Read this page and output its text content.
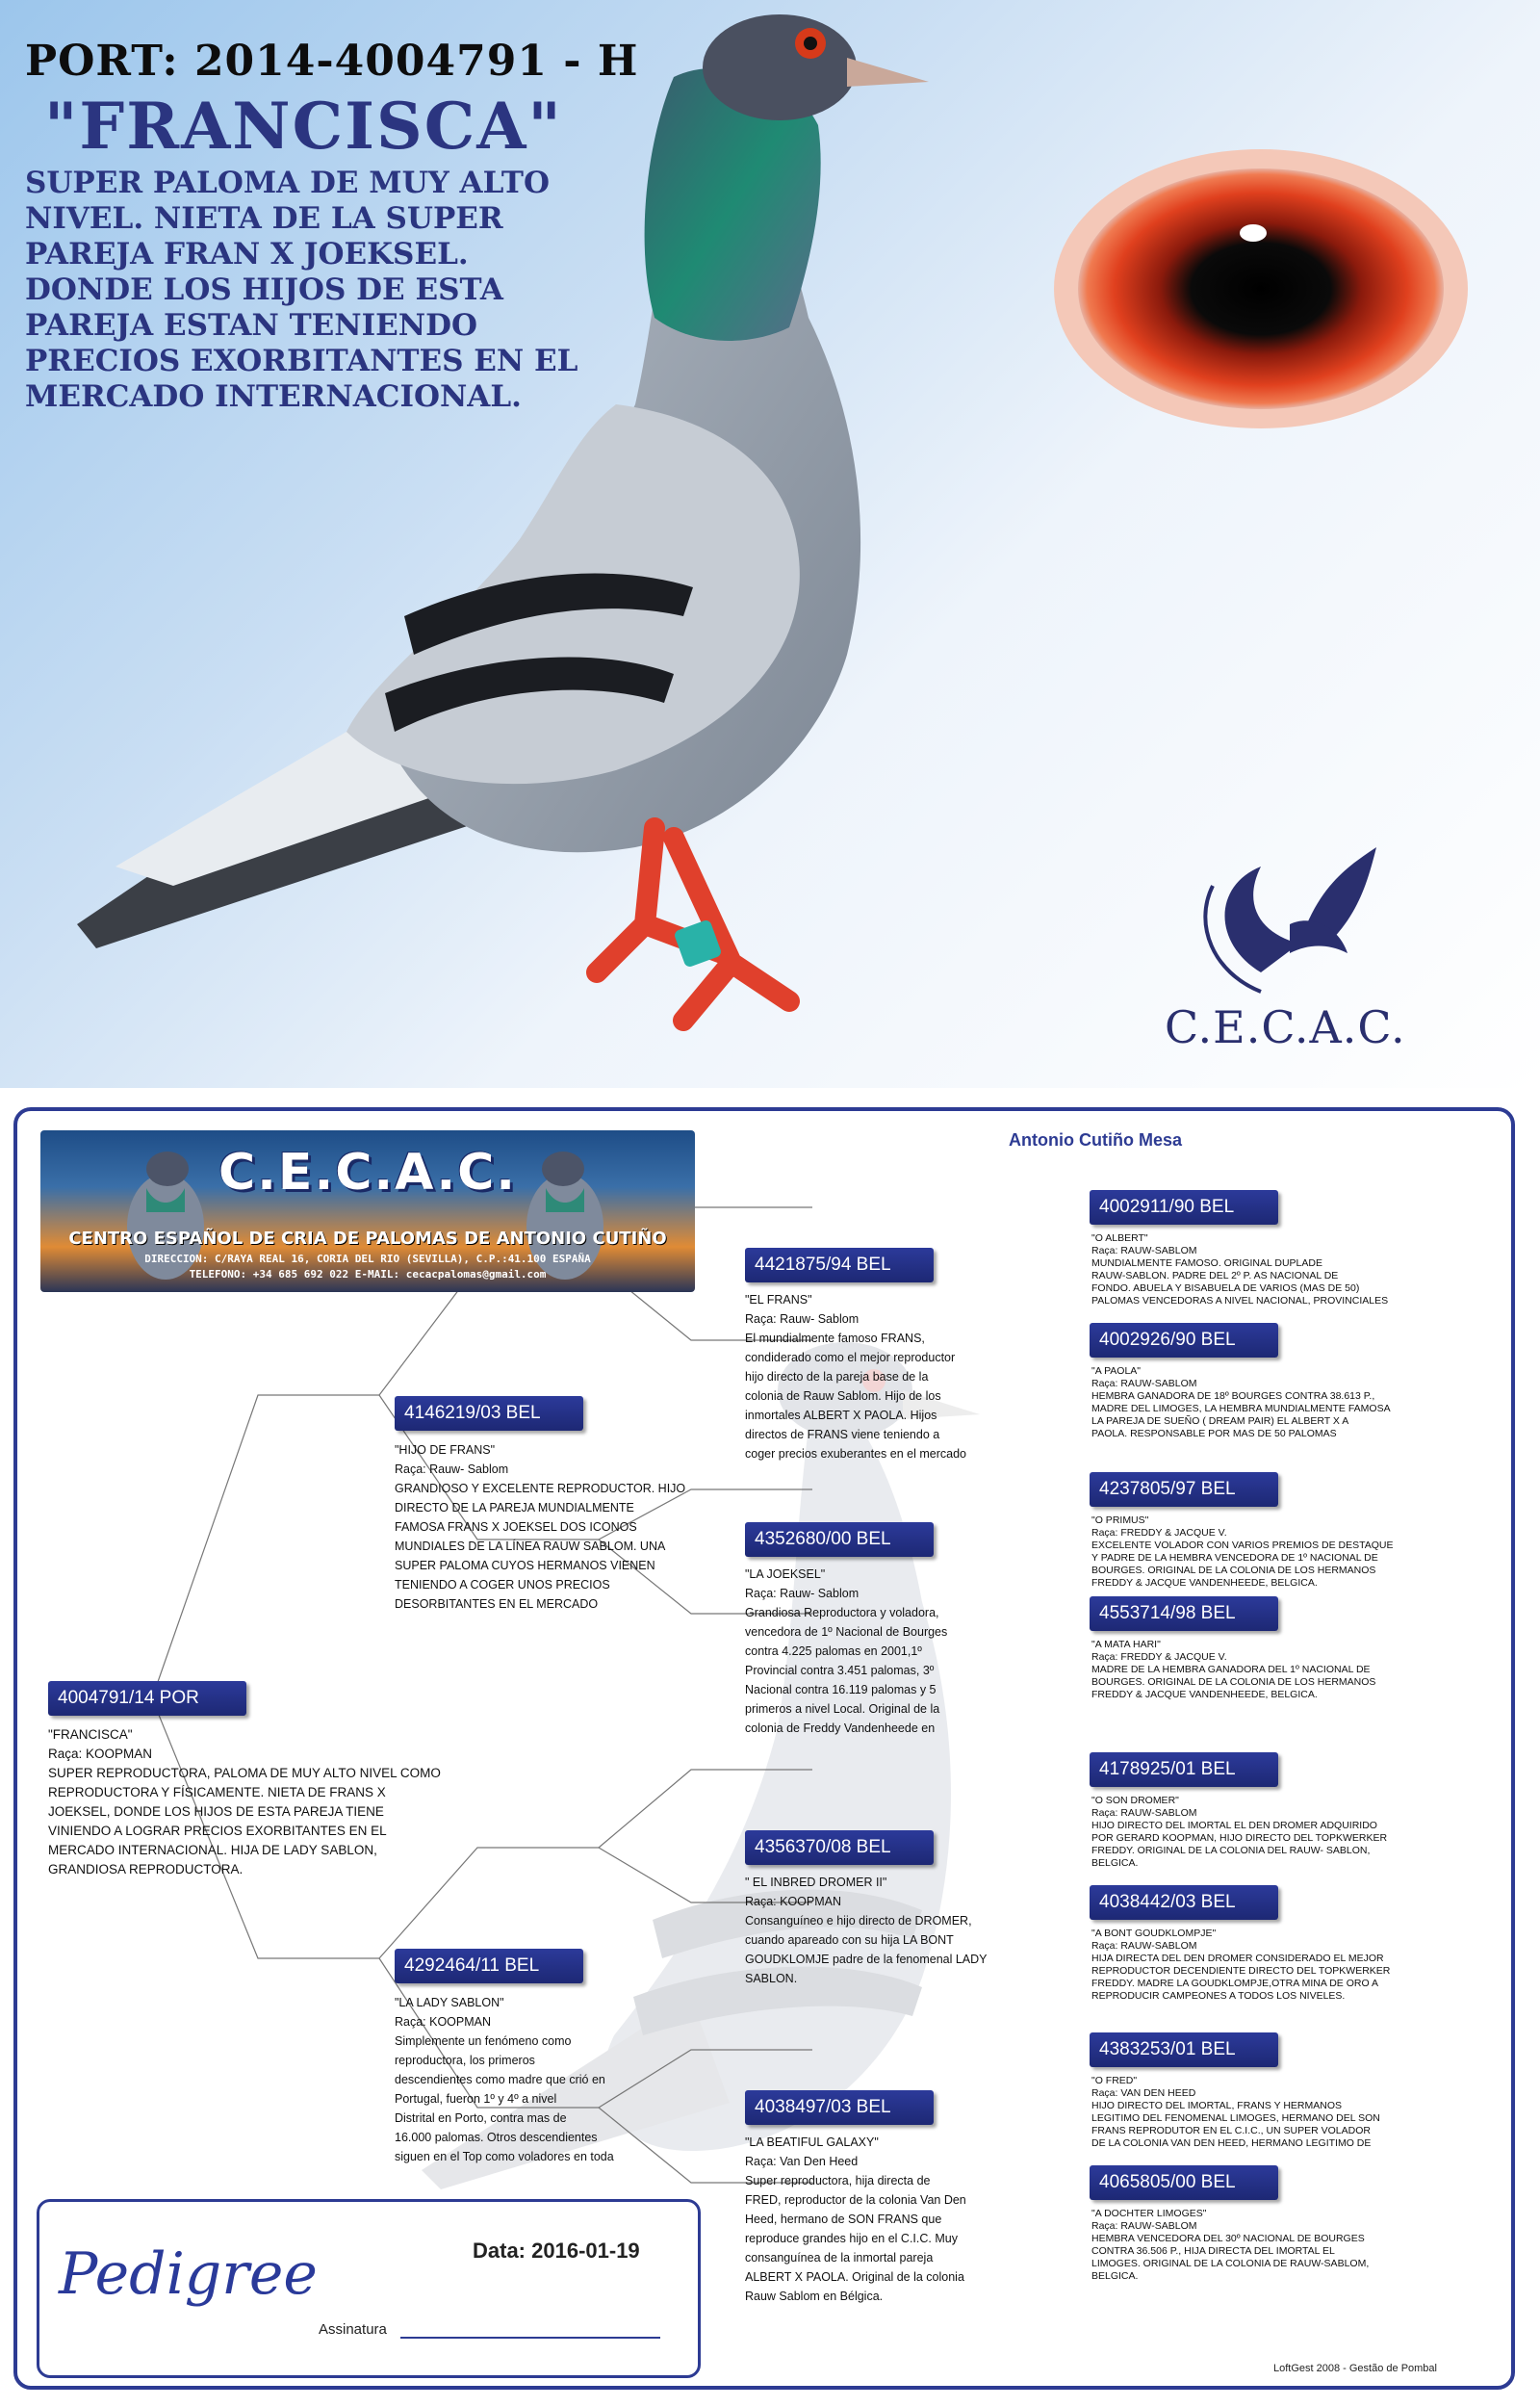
PORT: 2014-4004791 - H
"FRANCISCA"
SUPER PALOMA DE MUY ALTO
NIVEL. NIETA DE LA SUPER
PAREJA FRAN X JOEKSEL.
DONDE LOS HIJOS DE ESTA
PAREJA ESTAN TENIENDO
PRECIOS EXORBITANTES EN EL
MERCADO INTERNACIONAL.
C.E.C.A.C.
C.E.C.A.C.
CENTRO ESPAÑOL DE CRIA DE PALOMAS DE ANTONIO CUTIÑO
DIRECCION: C/RAYA REAL 16, CORIA DEL RIO (SEVILLA), C.P.:41.100 ESPAÑA
TELEFONO: +34 685 692 022 E-MAIL: cecacpalomas@gmail.com
Antonio Cutiño Mesa
4004791/14 POR
"FRANCISCA"
Raça: KOOPMAN
SUPER REPRODUCTORA, PALOMA DE MUY ALTO NIVEL COMO
REPRODUCTORA Y FÍSICAMENTE. NIETA DE FRANS X
JOEKSEL, DONDE LOS HIJOS DE ESTA PAREJA TIENE
VINIENDO A LOGRAR PRECIOS EXORBITANTES EN EL
MERCADO INTERNACIONAL. HIJA DE LADY SABLON,
GRANDIOSA REPRODUCTORA.
4146219/03 BEL
"HIJO DE FRANS"
Raça: Rauw- Sablom
GRANDIOSO Y EXCELENTE REPRODUCTOR. HIJO
DIRECTO DE LA PAREJA MUNDIALMENTE
FAMOSA FRANS X JOEKSEL DOS ICONOS
MUNDIALES DE LA LÍNEA RAUW SABLOM. UNA
SUPER PALOMA CUYOS HERMANOS VIENEN
TENIENDO A COGER UNOS PRECIOS
DESORBITANTES EN EL MERCADO
4292464/11 BEL
"LA LADY SABLON"
Raça: KOOPMAN
Simplemente un fenómeno como
reproductora, los primeros
descendientes como madre que crió en
Portugal, fueron 1º y 4º a nivel
Distrital en Porto, contra mas de
16.000 palomas. Otros descendientes
siguen en el Top como voladores en toda
4421875/94 BEL
"EL FRANS"
Raça: Rauw- Sablom
El mundialmente famoso FRANS,
condiderado como el mejor reproductor
hijo directo de la pareja base de la
colonia de Rauw Sablom. Hijo de los
inmortales ALBERT X PAOLA. Hijos
directos de FRANS viene teniendo a
coger precios exuberantes en el mercado
4352680/00 BEL
"LA JOEKSEL"
Raça: Rauw- Sablom
Grandiosa Reproductora y voladora,
vencedora de 1º Nacional de Bourges
contra 4.225 palomas en 2001,1º
Provincial contra 3.451 palomas, 3º
Nacional contra 16.119 palomas y 5
primeros a nivel Local. Original de la
colonia de Freddy Vandenheede en
4356370/08 BEL
" EL INBRED DROMER II"
Raça: KOOPMAN
Consanguíneo e hijo directo de DROMER,
cuando apareado con su hija LA BONT
GOUDKLOMJE padre de la fenomenal LADY
SABLON.
4038497/03 BEL
"LA BEATIFUL GALAXY"
Raça: Van Den Heed
Super reproductora, hija directa de
FRED, reproductor de la colonia Van Den
Heed, hermano de SON FRANS que
reproduce grandes hijo en el C.I.C. Muy
consanguínea de la inmortal pareja
ALBERT X PAOLA. Original de la colonia
Rauw Sablom en Bélgica.
4002911/90 BEL
"O ALBERT"
Raça: RAUW-SABLOM
MUNDIALMENTE FAMOSO. ORIGINAL DUPLADE
RAUW-SABLON. PADRE DEL 2º P. AS NACIONAL DE
FONDO. ABUELA Y BISABUELA DE VARIOS (MAS DE 50)
PALOMAS VENCEDORAS A NIVEL NACIONAL, PROVINCIALES
4002926/90 BEL
"A PAOLA"
Raça: RAUW-SABLOM
HEMBRA GANADORA DE 18º BOURGES CONTRA 38.613 P.,
MADRE DEL LIMOGES, LA HEMBRA MUNDIALMENTE FAMOSA
LA PAREJA DE SUEÑO ( DREAM PAIR) EL ALBERT X A
PAOLA. RESPONSABLE POR MAS DE 50 PALOMAS
4237805/97 BEL
"O PRIMUS"
Raça: FREDDY & JACQUE V.
EXCELENTE VOLADOR CON VARIOS PREMIOS DE DESTAQUE
Y PADRE DE LA HEMBRA VENCEDORA DE 1º NACIONAL DE
BOURGES. ORIGINAL DE LA COLONIA DE LOS HERMANOS
FREDDY & JACQUE VANDENHEEDE, BELGICA.
4553714/98 BEL
"A MATA HARI"
Raça: FREDDY & JACQUE V.
MADRE DE LA HEMBRA GANADORA DEL 1º NACIONAL DE
BOURGES. ORIGINAL DE LA COLONIA DE LOS HERMANOS
FREDDY & JACQUE VANDENHEEDE, BELGICA.
4178925/01 BEL
"O SON DROMER"
Raça: RAUW-SABLOM
HIJO DIRECTO DEL IMORTAL EL DEN DROMER ADQUIRIDO
POR GERARD KOOPMAN, HIJO DIRECTO DEL TOPKWERKER
FREDDY. ORIGINAL DE LA COLONIA DEL RAUW- SABLON,
BELGICA.
4038442/03 BEL
"A BONT GOUDKLOMPJE"
Raça: RAUW-SABLOM
HIJA DIRECTA DEL DEN DROMER CONSIDERADO EL MEJOR
REPRODUCTOR DECENDIENTE DIRECTO DEL TOPKWERKER
FREDDY. MADRE LA GOUDKLOMPJE,OTRA MINA DE ORO A
REPRODUCIR CAMPEONES A TODOS LOS NIVELES.
4383253/01 BEL
"O FRED"
Raça: VAN DEN HEED
HIJO DIRECTO DEL IMORTAL, FRANS Y HERMANOS
LEGITIMO DEL FENOMENAL LIMOGES, HERMANO DEL SON
FRANS REPRODUTOR EN EL C.I.C., UN SUPER VOLADOR
DE LA COLONIA VAN DEN HEED, HERMANO LEGITIMO DE
4065805/00 BEL
"A DOCHTER LIMOGES"
Raça: RAUW-SABLOM
HEMBRA VENCEDORA DEL 30º NACIONAL DE BOURGES
CONTRA 36.506 P., HIJA DIRECTA DEL IMORTAL EL
LIMOGES. ORIGINAL DE LA COLONIA DE RAUW-SABLOM,
BELGICA.
Pedigree	Data: 2016-01-19
Assinatura
LoftGest 2008 - Gestão de Pombal
